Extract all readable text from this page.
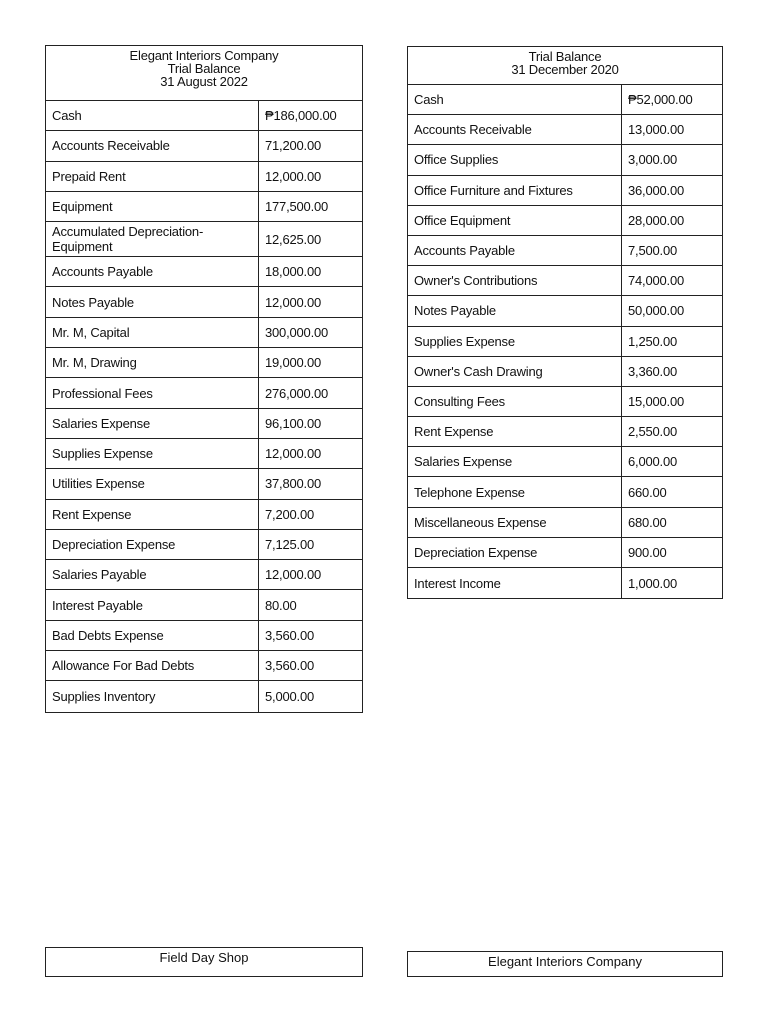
Elegant Interiors Company
Trial Balance
31 August 2022
Cash	₱186,000.00
Accounts Receivable	71,200.00
Prepaid Rent	12,000.00
Equipment	177,500.00
Accumulated Depreciation-Equipment	12,625.00
Accounts Payable	18,000.00
Notes Payable	12,000.00
Mr. M, Capital	300,000.00
Mr. M, Drawing	19,000.00
Professional Fees	276,000.00
Salaries Expense	96,100.00
Supplies Expense	12,000.00
Utilities Expense	37,800.00
Rent Expense	7,200.00
Depreciation Expense	7,125.00
Salaries Payable	12,000.00
Interest Payable	80.00
Bad Debts Expense	3,560.00
Allowance For Bad Debts	3,560.00
Supplies Inventory	5,000.00
Trial Balance
31 December 2020
Cash	₱52,000.00
Accounts Receivable	13,000.00
Office Supplies	3,000.00
Office Furniture and Fixtures	36,000.00
Office Equipment	28,000.00
Accounts Payable	7,500.00
Owner's Contributions	74,000.00
Notes Payable	50,000.00
Supplies Expense	1,250.00
Owner's Cash Drawing	3,360.00
Consulting Fees	15,000.00
Rent Expense	2,550.00
Salaries Expense	6,000.00
Telephone Expense	660.00
Miscellaneous Expense	680.00
Depreciation Expense	900.00
Interest Income	1,000.00
Field Day Shop	Elegant Interiors Company
